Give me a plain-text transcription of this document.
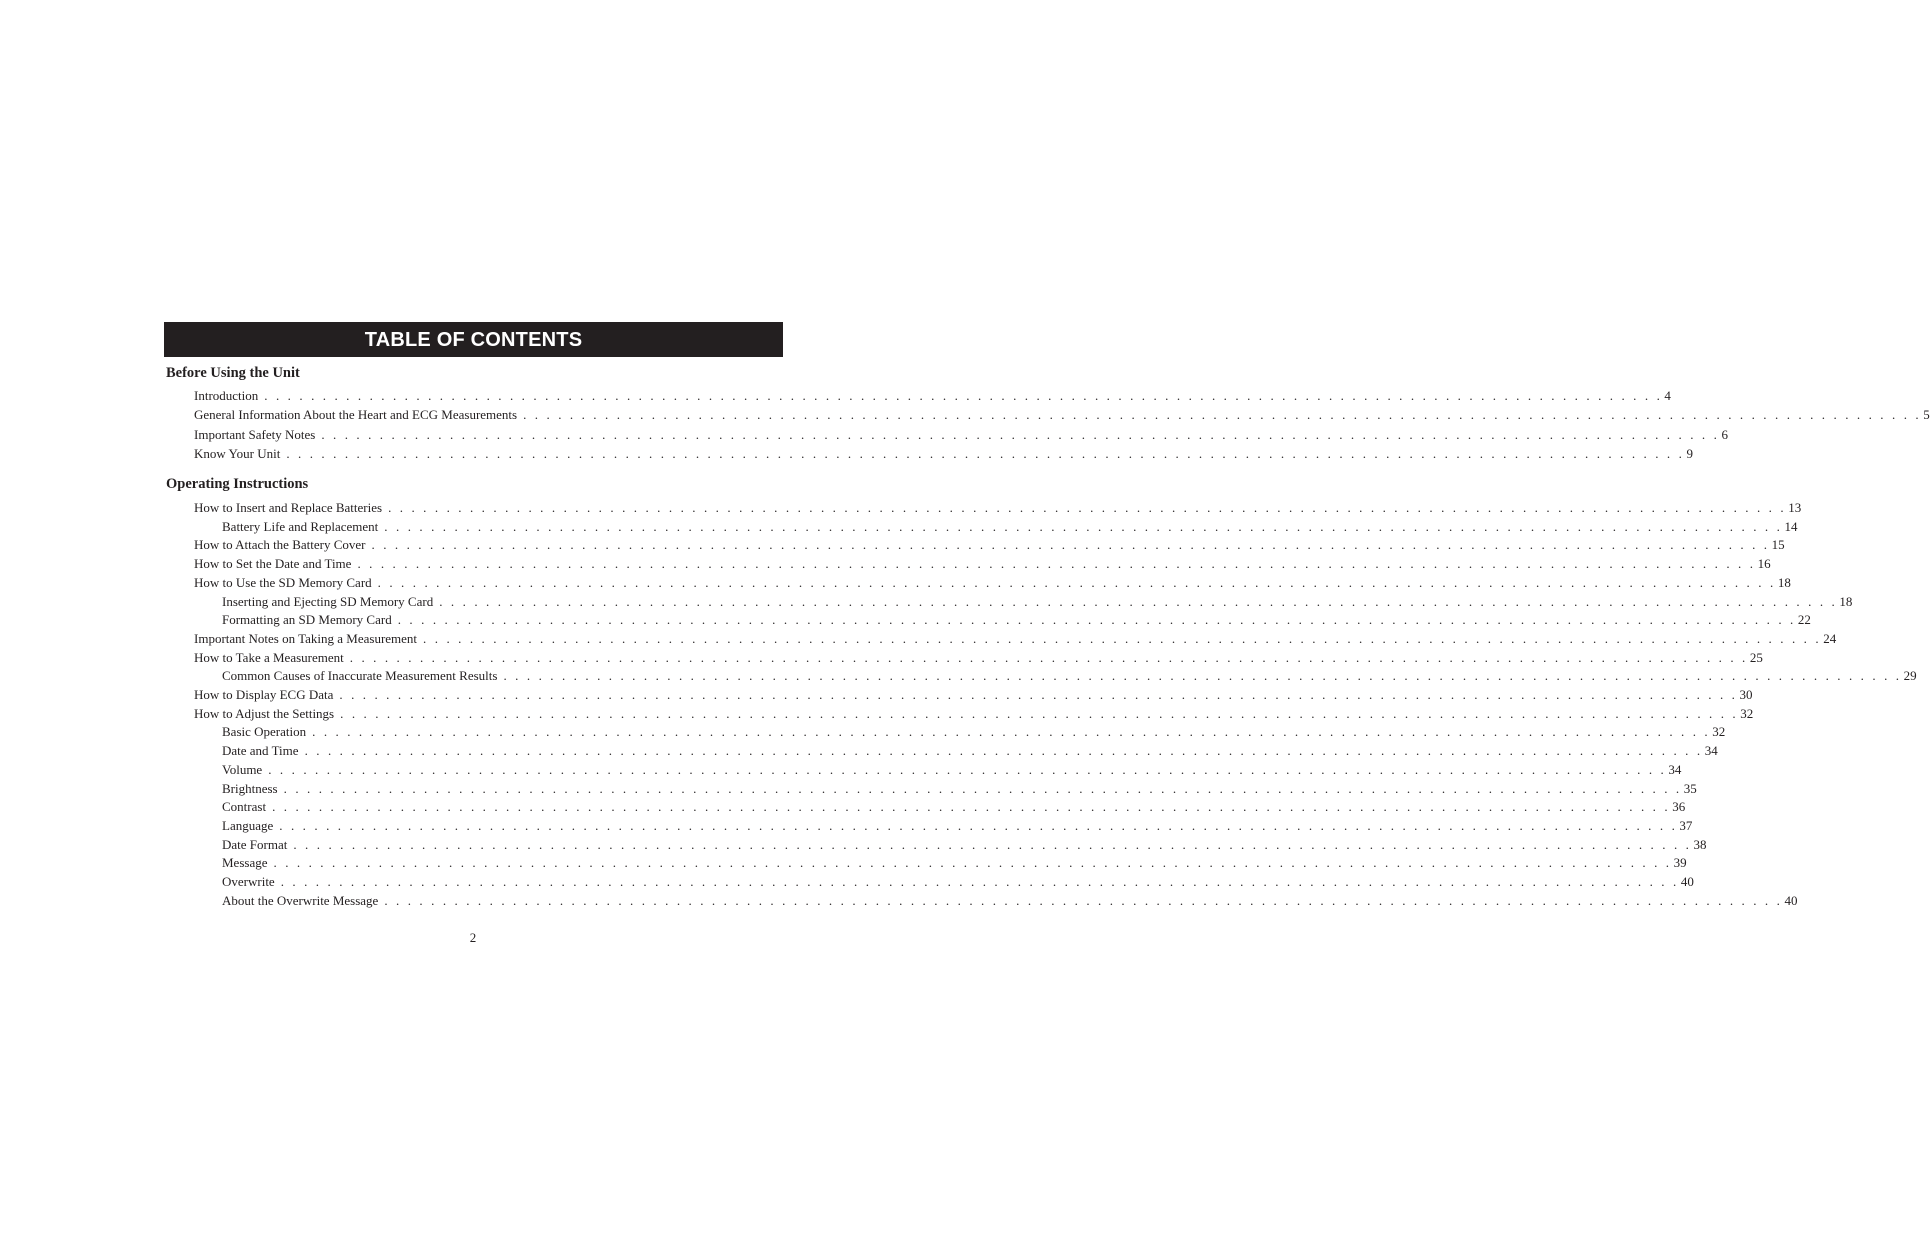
TABLE OF CONTENTS
Before Using the Unit
Operating Instructions
Introduction . . . . . . . . . . . . . . . . . . . . . . . . . . . . . . . . . . . . . . . . . . . . . . . . . . . . . . . . . . . . . . . . . . . . . . . . . . . . . . . . . . . . . . . . . . . . . . . . . . . . . . . . . . . . . . . . . . . . . . . . 4
General Information About the Heart and ECG Measurements . . . . . . . . . . . . . . . . . . . . . . . . . . . . . . . . . . . . . . . . . . . . . . . . . . . . . . . . . . . . . . . . . . . . . . . . . . . . . . . . . . . . . . . . . . . . . . . . . . . . . . . . . . . . . . . . . . . . . . . . 5
Important Safety Notes . . . . . . . . . . . . . . . . . . . . . . . . . . . . . . . . . . . . . . . . . . . . . . . . . . . . . . . . . . . . . . . . . . . . . . . . . . . . . . . . . . . . . . . . . . . . . . . . . . . . . . . . . . . . . . . . . . . . . . . . 6
Know Your Unit . . . . . . . . . . . . . . . . . . . . . . . . . . . . . . . . . . . . . . . . . . . . . . . . . . . . . . . . . . . . . . . . . . . . . . . . . . . . . . . . . . . . . . . . . . . . . . . . . . . . . . . . . . . . . . . . . . . . . . . . 9
How to Insert and Replace Batteries . . . . . . . . . . . . . . . . . . . . . . . . . . . . . . . . . . . . . . . . . . . . . . . . . . . . . . . . . . . . . . . . . . . . . . . . . . . . . . . . . . . . . . . . . . . . . . . . . . . . . . . . . . . . . . . . . . . . . . . . 13
Battery Life and Replacement . . . . . . . . . . . . . . . . . . . . . . . . . . . . . . . . . . . . . . . . . . . . . . . . . . . . . . . . . . . . . . . . . . . . . . . . . . . . . . . . . . . . . . . . . . . . . . . . . . . . . . . . . . . . . . . . . . . . . . . . 14
How to Attach the Battery Cover . . . . . . . . . . . . . . . . . . . . . . . . . . . . . . . . . . . . . . . . . . . . . . . . . . . . . . . . . . . . . . . . . . . . . . . . . . . . . . . . . . . . . . . . . . . . . . . . . . . . . . . . . . . . . . . . . . . . . . . . 15
How to Set the Date and Time . . . . . . . . . . . . . . . . . . . . . . . . . . . . . . . . . . . . . . . . . . . . . . . . . . . . . . . . . . . . . . . . . . . . . . . . . . . . . . . . . . . . . . . . . . . . . . . . . . . . . . . . . . . . . . . . . . . . . . . . 16
How to Use the SD Memory Card . . . . . . . . . . . . . . . . . . . . . . . . . . . . . . . . . . . . . . . . . . . . . . . . . . . . . . . . . . . . . . . . . . . . . . . . . . . . . . . . . . . . . . . . . . . . . . . . . . . . . . . . . . . . . . . . . . . . . . . . 18
Inserting and Ejecting SD Memory Card . . . . . . . . . . . . . . . . . . . . . . . . . . . . . . . . . . . . . . . . . . . . . . . . . . . . . . . . . . . . . . . . . . . . . . . . . . . . . . . . . . . . . . . . . . . . . . . . . . . . . . . . . . . . . . . . . . . . . . . . 18
Formatting an SD Memory Card . . . . . . . . . . . . . . . . . . . . . . . . . . . . . . . . . . . . . . . . . . . . . . . . . . . . . . . . . . . . . . . . . . . . . . . . . . . . . . . . . . . . . . . . . . . . . . . . . . . . . . . . . . . . . . . . . . . . . . . . 22
Important Notes on Taking a Measurement . . . . . . . . . . . . . . . . . . . . . . . . . . . . . . . . . . . . . . . . . . . . . . . . . . . . . . . . . . . . . . . . . . . . . . . . . . . . . . . . . . . . . . . . . . . . . . . . . . . . . . . . . . . . . . . . . . . . . . . . 24
How to Take a Measurement . . . . . . . . . . . . . . . . . . . . . . . . . . . . . . . . . . . . . . . . . . . . . . . . . . . . . . . . . . . . . . . . . . . . . . . . . . . . . . . . . . . . . . . . . . . . . . . . . . . . . . . . . . . . . . . . . . . . . . . . 25
Common Causes of Inaccurate Measurement Results . . . . . . . . . . . . . . . . . . . . . . . . . . . . . . . . . . . . . . . . . . . . . . . . . . . . . . . . . . . . . . . . . . . . . . . . . . . . . . . . . . . . . . . . . . . . . . . . . . . . . . . . . . . . . . . . . . . . . . . . 29
How to Display ECG Data . . . . . . . . . . . . . . . . . . . . . . . . . . . . . . . . . . . . . . . . . . . . . . . . . . . . . . . . . . . . . . . . . . . . . . . . . . . . . . . . . . . . . . . . . . . . . . . . . . . . . . . . . . . . . . . . . . . . . . . . 30
How to Adjust the Settings . . . . . . . . . . . . . . . . . . . . . . . . . . . . . . . . . . . . . . . . . . . . . . . . . . . . . . . . . . . . . . . . . . . . . . . . . . . . . . . . . . . . . . . . . . . . . . . . . . . . . . . . . . . . . . . . . . . . . . . . 32
Basic Operation . . . . . . . . . . . . . . . . . . . . . . . . . . . . . . . . . . . . . . . . . . . . . . . . . . . . . . . . . . . . . . . . . . . . . . . . . . . . . . . . . . . . . . . . . . . . . . . . . . . . . . . . . . . . . . . . . . . . . . . . 32
Date and Time . . . . . . . . . . . . . . . . . . . . . . . . . . . . . . . . . . . . . . . . . . . . . . . . . . . . . . . . . . . . . . . . . . . . . . . . . . . . . . . . . . . . . . . . . . . . . . . . . . . . . . . . . . . . . . . . . . . . . . . . 34
Volume . . . . . . . . . . . . . . . . . . . . . . . . . . . . . . . . . . . . . . . . . . . . . . . . . . . . . . . . . . . . . . . . . . . . . . . . . . . . . . . . . . . . . . . . . . . . . . . . . . . . . . . . . . . . . . . . . . . . . . . . 34
Brightness . . . . . . . . . . . . . . . . . . . . . . . . . . . . . . . . . . . . . . . . . . . . . . . . . . . . . . . . . . . . . . . . . . . . . . . . . . . . . . . . . . . . . . . . . . . . . . . . . . . . . . . . . . . . . . . . . . . . . . . . 35
Contrast . . . . . . . . . . . . . . . . . . . . . . . . . . . . . . . . . . . . . . . . . . . . . . . . . . . . . . . . . . . . . . . . . . . . . . . . . . . . . . . . . . . . . . . . . . . . . . . . . . . . . . . . . . . . . . . . . . . . . . . . 36
Language . . . . . . . . . . . . . . . . . . . . . . . . . . . . . . . . . . . . . . . . . . . . . . . . . . . . . . . . . . . . . . . . . . . . . . . . . . . . . . . . . . . . . . . . . . . . . . . . . . . . . . . . . . . . . . . . . . . . . . . . 37
Date Format . . . . . . . . . . . . . . . . . . . . . . . . . . . . . . . . . . . . . . . . . . . . . . . . . . . . . . . . . . . . . . . . . . . . . . . . . . . . . . . . . . . . . . . . . . . . . . . . . . . . . . . . . . . . . . . . . . . . . . . . 38
Message . . . . . . . . . . . . . . . . . . . . . . . . . . . . . . . . . . . . . . . . . . . . . . . . . . . . . . . . . . . . . . . . . . . . . . . . . . . . . . . . . . . . . . . . . . . . . . . . . . . . . . . . . . . . . . . . . . . . . . . . 39
Overwrite . . . . . . . . . . . . . . . . . . . . . . . . . . . . . . . . . . . . . . . . . . . . . . . . . . . . . . . . . . . . . . . . . . . . . . . . . . . . . . . . . . . . . . . . . . . . . . . . . . . . . . . . . . . . . . . . . . . . . . . . 40
About the Overwrite Message . . . . . . . . . . . . . . . . . . . . . . . . . . . . . . . . . . . . . . . . . . . . . . . . . . . . . . . . . . . . . . . . . . . . . . . . . . . . . . . . . . . . . . . . . . . . . . . . . . . . . . . . . . . . . . . . . . . . . . . . 40
2
